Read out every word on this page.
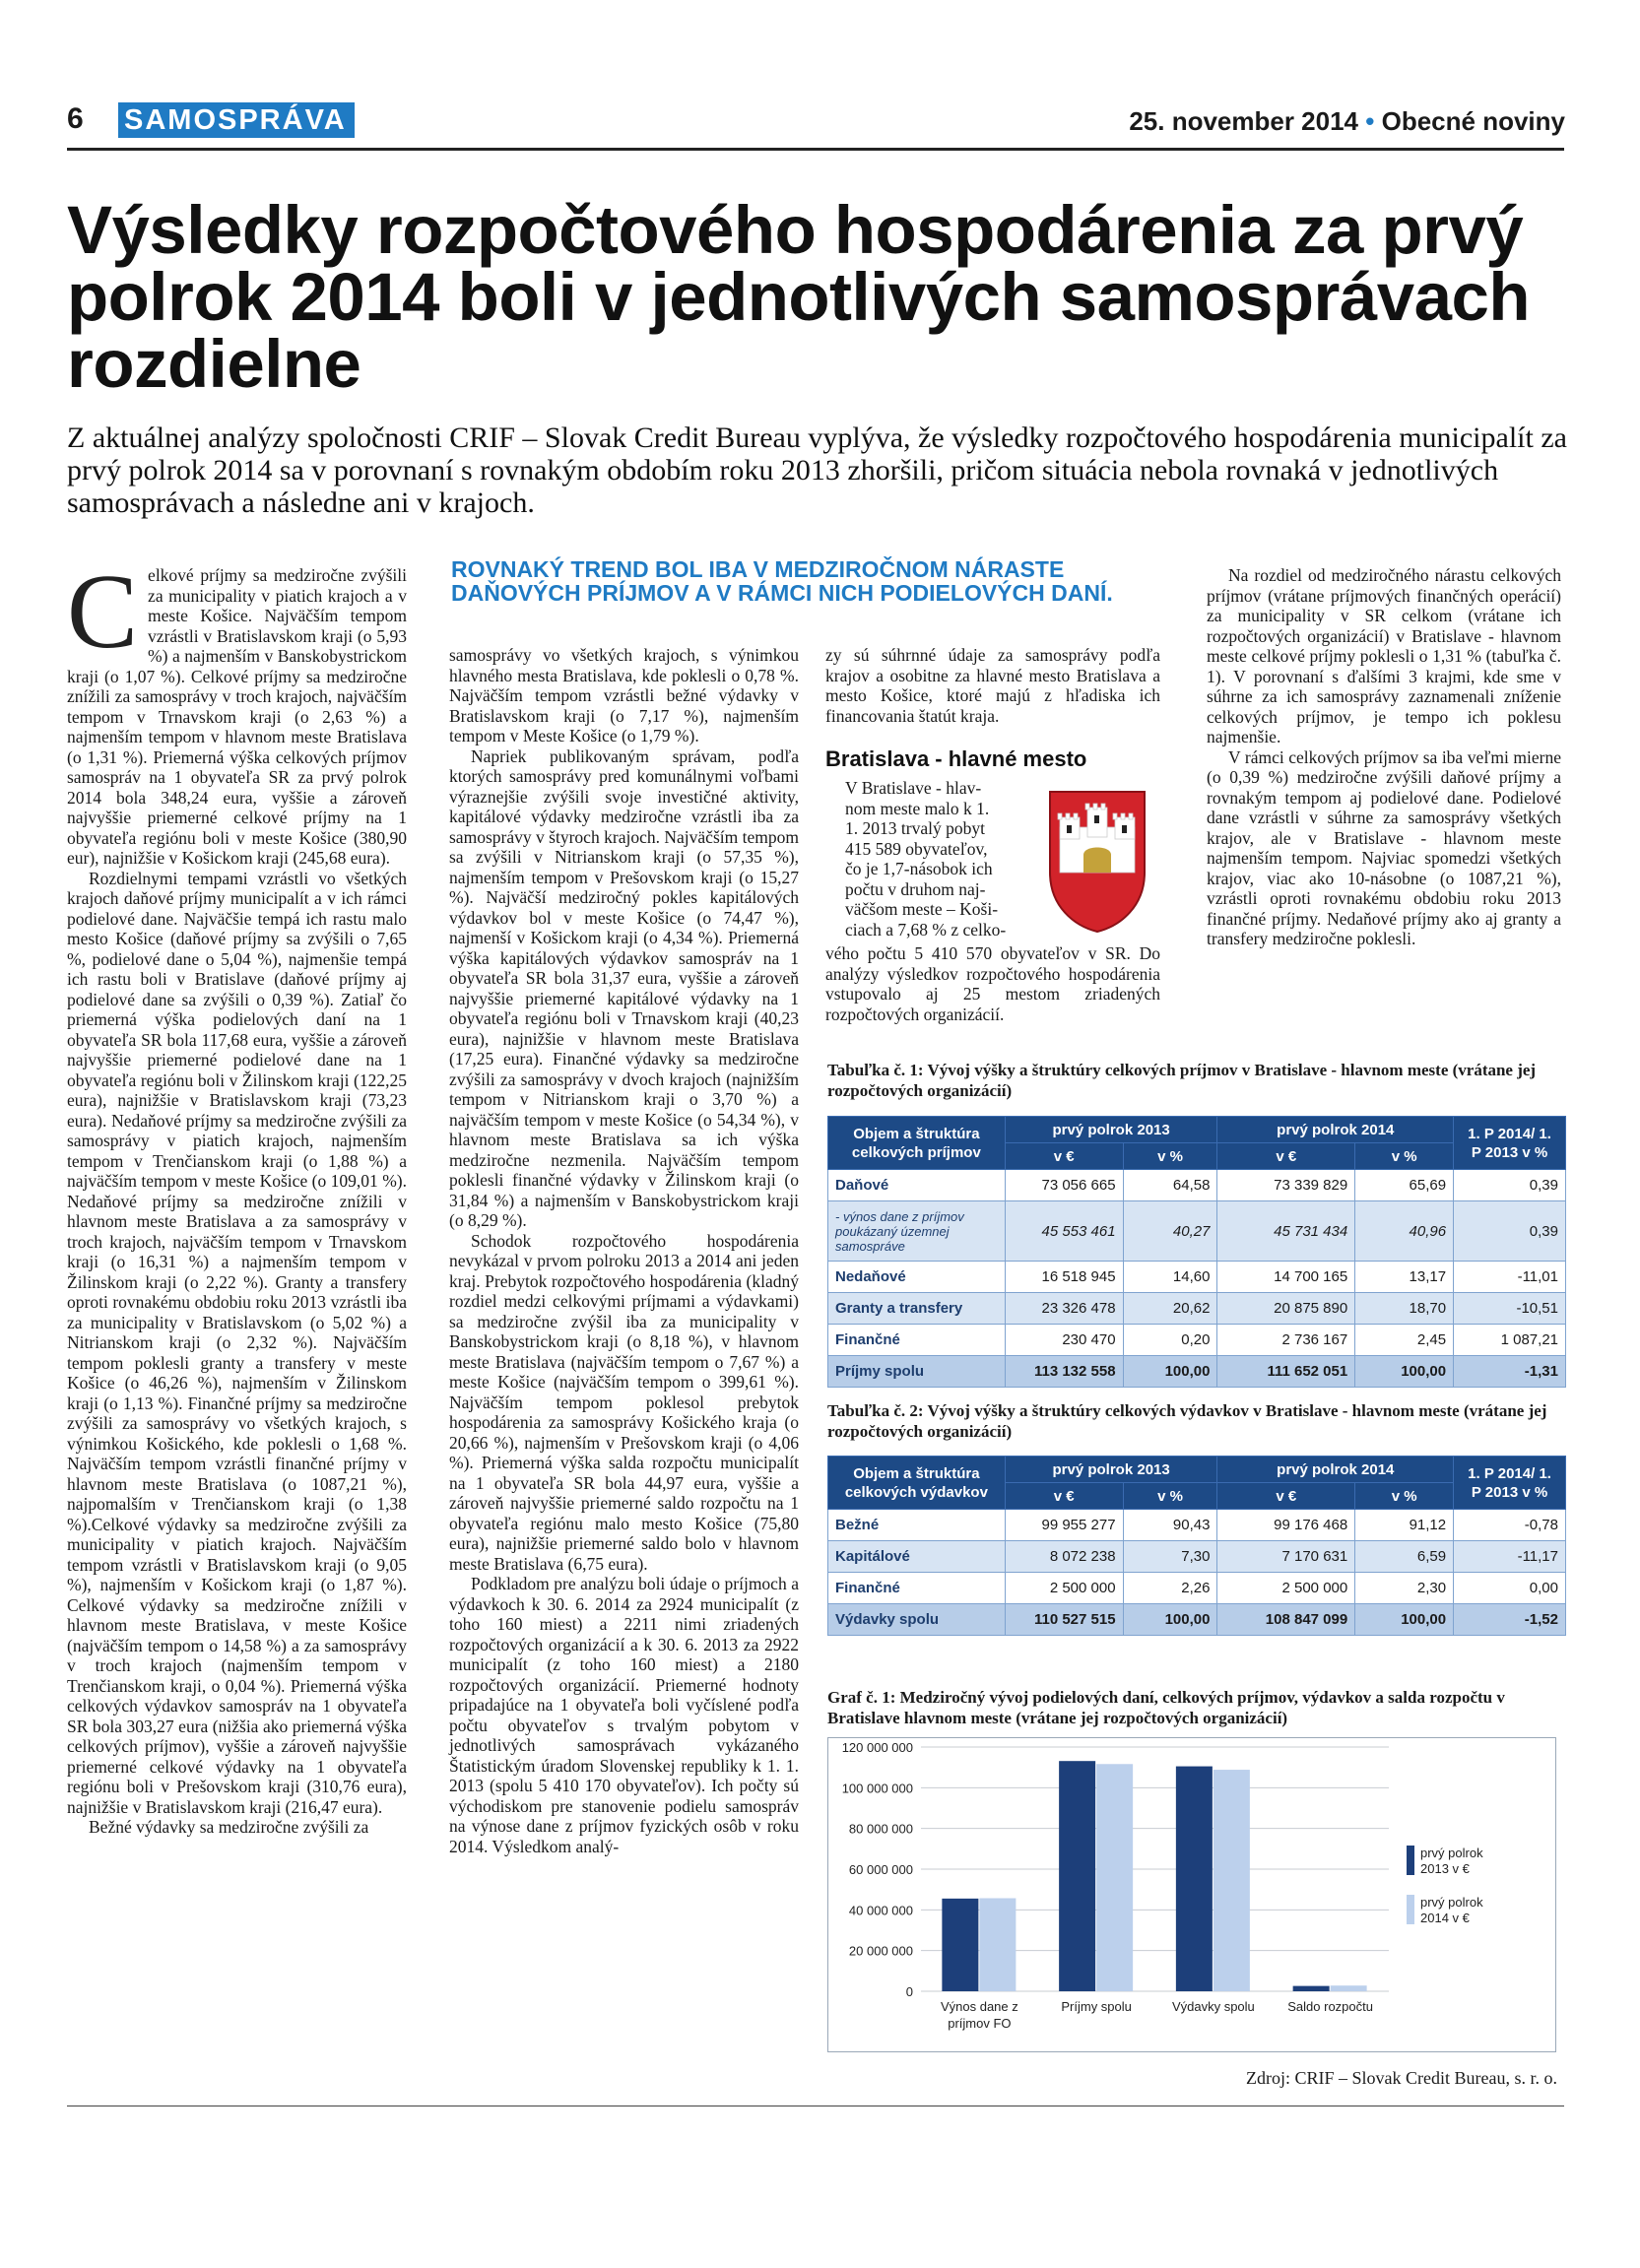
6 SAMOSPRÁVA	25. november 2014 • Obecné noviny
Výsledky rozpočtového hospodárenia za prvý polrok 2014 boli v jednotlivých samosprávach rozdielne
Z aktuálnej analýzy spoločnosti CRIF – Slovak Credit Bureau vyplýva, že výsledky rozpočtového hospodárenia municipalít za prvý polrok 2014 sa v porovnaní s rovnakým obdobím roku 2013 zhoršili, pričom situácia nebola rovnaká v jednotlivých samosprávach a následne ani v krajoch.

Celkové príjmy sa medziročne zvýšili za municipality v piatich krajoch a v meste Košice. Najväčším tempom vzrástli v Bratislavskom kraji (o 5,93 %) a najmenším v Banskobystrickom kraji (o 1,07 %). Celkové príjmy sa medziročne znížili za samosprávy v troch krajoch, najväčším tempom v Trnavskom kraji (o 2,63 %) a najmenším tempom v hlavnom meste Bratislava (o 1,31 %). Priemerná výška celkových príjmov samospráv na 1 obyvateľa SR za prvý polrok 2014 bola 348,24 eura, vyššie a zároveň najvyššie priemerné celkové príjmy na 1 obyvateľa regiónu boli v meste Košice (380,90 eur), najnižšie v Košickom kraji (245,68 eura).

Rozdielnymi tempami vzrástli vo všetkých krajoch daňové príjmy municipalít a v ich rámci podielové dane. Najväčšie tempá ich rastu malo mesto Košice (daňové príjmy sa zvýšili o 7,65 %, podielové dane o 5,04 %), najmenšie tempá ich rastu boli v Bratislave (daňové príjmy aj podielové dane sa zvýšili o 0,39 %). Zatiaľ čo priemerná výška podielových daní na 1 obyvateľa SR bola 117,68 eura, vyššie a zároveň najvyššie priemerné podielové dane na 1 obyvateľa regiónu boli v Žilinskom kraji (122,25 eura), najnižšie v Bratislavskom kraji (73,23 eura). Nedaňové príjmy sa medziročne zvýšili za samosprávy v piatich krajoch, najmenším tempom v Trenčianskom kraji (o 1,88 %) a najväčším tempom v meste Košice (o 109,01 %). Nedaňové príjmy sa medziročne znížili v hlavnom meste Bratislava a za samosprávy v troch krajoch, najväčším tempom v Trnavskom kraji (o 16,31 %) a najmenším tempom v Žilinskom kraji (o 2,22 %). Granty a transfery oproti rovnakému obdobiu roku 2013 vzrástli iba za municipality v Bratislavskom (o 5,02 %) a Nitrianskom kraji (o 2,32 %). Najväčším tempom poklesli granty a transfery v meste Košice (o 46,26 %), najmenším v Žilinskom kraji (o 1,13 %). Finančné príjmy sa medziročne zvýšili za samosprávy vo všetkých krajoch, s výnimkou Košického, kde poklesli o 1,68 %. Najväčším tempom vzrástli finančné príjmy v hlavnom meste Bratislava (o 1087,21 %), najpomalším v Trenčianskom kraji (o 1,38 %).Celkové výdavky sa medziročne zvýšili za municipality v piatich krajoch. Najväčším tempom vzrástli v Bratislavskom kraji (o 9,05 %), najmenším v Košickom kraji (o 1,87 %). Celkové výdavky sa medziročne znížili v hlavnom meste Bratislava, v meste Košice (najväčším tempom o 14,58 %) a za samosprávy v troch krajoch (najmenším tempom v Trenčianskom kraji, o 0,04 %). Priemerná výška celkových výdavkov samospráv na 1 obyvateľa SR bola 303,27 eura (nižšia ako priemerná výška celkových príjmov), vyššie a zároveň najvyššie priemerné celkové výdavky na 1 obyvateľa regiónu boli v Prešovskom kraji (310,76 eura), najnižšie v Bratislavskom kraji (216,47 eura).

Bežné výdavky sa medziročne zvýšili za

ROVNAKÝ TREND BOL IBA V MEDZIROČNOM NÁRASTE DAŇOVÝCH PRÍJMOV A V RÁMCI NICH PODIELOVÝCH DANÍ.

samosprávy vo všetkých krajoch, s výnimkou hlavného mesta Bratislava, kde poklesli o 0,78 %. Najväčším tempom vzrástli bežné výdavky v Bratislavskom kraji (o 7,17 %), najmenším tempom v Meste Košice (o 1,79 %).

Napriek publikovaným správam, podľa ktorých samosprávy pred komunálnymi voľbami výraznejšie zvýšili svoje investičné aktivity, kapitálové výdavky medziročne vzrástli iba za samosprávy v štyroch krajoch. Najväčším tempom sa zvýšili v Nitrianskom kraji (o 57,35 %), najmenším tempom v Prešovskom kraji (o 15,27 %). Najväčší medziročný pokles kapitálových výdavkov bol v meste Košice (o 74,47 %), najmenší v Košickom kraji (o 4,34 %). Priemerná výška kapitálových výdavkov samospráv na 1 obyvateľa SR bola 31,37 eura, vyššie a zároveň najvyššie priemerné kapitálové výdavky na 1 obyvateľa regiónu boli v Trnavskom kraji (40,23 eura), najnižšie v hlavnom meste Bratislava (17,25 eura). Finančné výdavky sa medziročne zvýšili za samosprávy v dvoch krajoch (najnižším tempom v Nitrianskom kraji o 3,70 %) a najväčším tempom v meste Košice (o 54,34 %), v hlavnom meste Bratislava sa ich výška medziročne nezmenila. Najväčším tempom poklesli finančné výdavky v Žilinskom kraji (o 31,84 %) a najmenším v Banskobystrickom kraji (o 8,29 %).

Schodok rozpočtového hospodárenia nevykázal v prvom polroku 2013 a 2014 ani jeden kraj. Prebytok rozpočtového hospodárenia (kladný rozdiel medzi celkovými príjmami a výdavkami) sa medziročne zvýšil iba za municipality v Banskobystrickom kraji (o 8,18 %), v hlavnom meste Bratislava (najväčším tempom o 7,67 %) a meste Košice (najväčším tempom o 399,61 %). Najväčším tempom poklesol prebytok hospodárenia za samosprávy Košického kraja (o 20,66 %), najmenším v Prešovskom kraji (o 4,06 %). Priemerná výška salda rozpočtu municipalít na 1 obyvateľa SR bola 44,97 eura, vyššie a zároveň najvyššie priemerné saldo rozpočtu na 1 obyvateľa regiónu malo mesto Košice (75,80 eura), najnižšie priemerné saldo bolo v hlavnom meste Bratislava (6,75 eura).

Podkladom pre analýzu boli údaje o príjmoch a výdavkoch k 30. 6. 2014 za 2924 municipalít (z toho 160 miest) a 2211 nimi zriadených rozpočtových organizácií a k 30. 6. 2013 za 2922 municipalít (z toho 160 miest) a 2180 rozpočtových organizácií. Priemerné hodnoty pripadajúce na 1 obyvateľa boli vyčíslené podľa počtu obyvateľov s trvalým pobytom v jednotlivých samosprávach vykázaného Štatistickým úradom Slovenskej republiky k 1. 1. 2013 (spolu 5 410 170 obyvateľov). Ich počty sú východiskom pre stanovenie podielu samospráv na výnose dane z príjmov fyzických osôb v roku 2014. Výsledkom analý-

zy sú súhrnné údaje za samosprávy podľa krajov a osobitne za hlavné mesto Bratislava a mesto Košice, ktoré majú z hľadiska ich financovania štatút kraja.

Bratislava - hlavné mesto
V Bratislave - hlav-
nom meste malo k 1.
1. 2013 trvalý pobyt
415 589 obyvateľov,
čo je 1,7-násobok ich
počtu v druhom naj-
väčšom meste – Koši-
ciach a 7,68 % z celko-

vého počtu 5 410 570 obyvateľov v SR. Do analýzy výsledkov rozpočtového hospodárenia vstupovalo aj 25 mestom zriadených rozpočtových organizácií.

Na rozdiel od medziročného nárastu celkových príjmov (vrátane príjmových finančných operácií) za municipality v SR celkom (vrátane ich rozpočtových organizácií) v Bratislave - hlavnom meste celkové príjmy poklesli o 1,31 % (tabuľka č. 1). V porovnaní s ďalšími 3 krajmi, kde sme v súhrne za ich samosprávy zaznamenali zníženie celkových príjmov, je tempo ich poklesu najmenšie.

V rámci celkových príjmov sa iba veľmi mierne (o 0,39 %) medziročne zvýšili daňové príjmy a rovnakým tempom aj podielové dane. Podielové dane vzrástli v súhrne za samosprávy všetkých krajov, ale v Bratislave - hlavnom meste najmenším tempom. Najviac spomedzi všetkých krajov, viac ako 10-násobne (o 1087,21 %), vzrástli oproti rovnakému obdobiu roku 2013 finančné príjmy. Nedaňové príjmy ako aj granty a transfery medziročne poklesli.

Tabuľka č. 1: Vývoj výšky a štruktúry celkových príjmov v Bratislave - hlavnom meste (vrátane jej rozpočtových organizácií)
Objem a štruktúra celkových príjmov	prvý polrok 2013		prvý polrok 2014		1. P 2014/ 1. P 2013 v %
	v €	v %	v €	v %	
Daňové	73 056 665	64,58	73 339 829	65,69	0,39
- výnos dane z príjmov poukázaný územnej samospráve	45 553 461	40,27	45 731 434	40,96	0,39
Nedaňové	16 518 945	14,60	14 700 165	13,17	-11,01
Granty a transfery	23 326 478	20,62	20 875 890	18,70	-10,51
Finančné	230 470	0,20	2 736 167	2,45	1 087,21
Príjmy spolu	113 132 558	100,00	111 652 051	100,00	-1,31
Tabuľka č. 2: Vývoj výšky a štruktúry celkových výdavkov v Bratislave - hlavnom meste (vrátane jej rozpočtových organizácií)
Objem a štruktúra celkových výdavkov	prvý polrok 2013		prvý polrok 2014		1. P 2014/ 1. P 2013 v %
	v €	v %	v €	v %	
Bežné	99 955 277	90,43	99 176 468	91,12	-0,78
Kapitálové	8 072 238	7,30	7 170 631	6,59	-11,17
Finančné	2 500 000	2,26	2 500 000	2,30	0,00
Výdavky spolu	110 527 515	100,00	108 847 099	100,00	-1,52
Graf č. 1: Medziročný vývoj podielových daní, celkových príjmov, výdavkov a salda rozpočtu v Bratislave hlavnom meste (vrátane jej rozpočtových organizácií)
0
20 000 000
40 000 000
60 000 000
80 000 000
100 000 000
120 000 000
Výnos dane z
príjmov FO
Príjmy spolu	Výdavky spolu	Saldo rozpočtu
prvý polrok
2013 v €
prvý polrok
2014 v €
Zdroj: CRIF – Slovak Credit Bureau, s. r. o.
